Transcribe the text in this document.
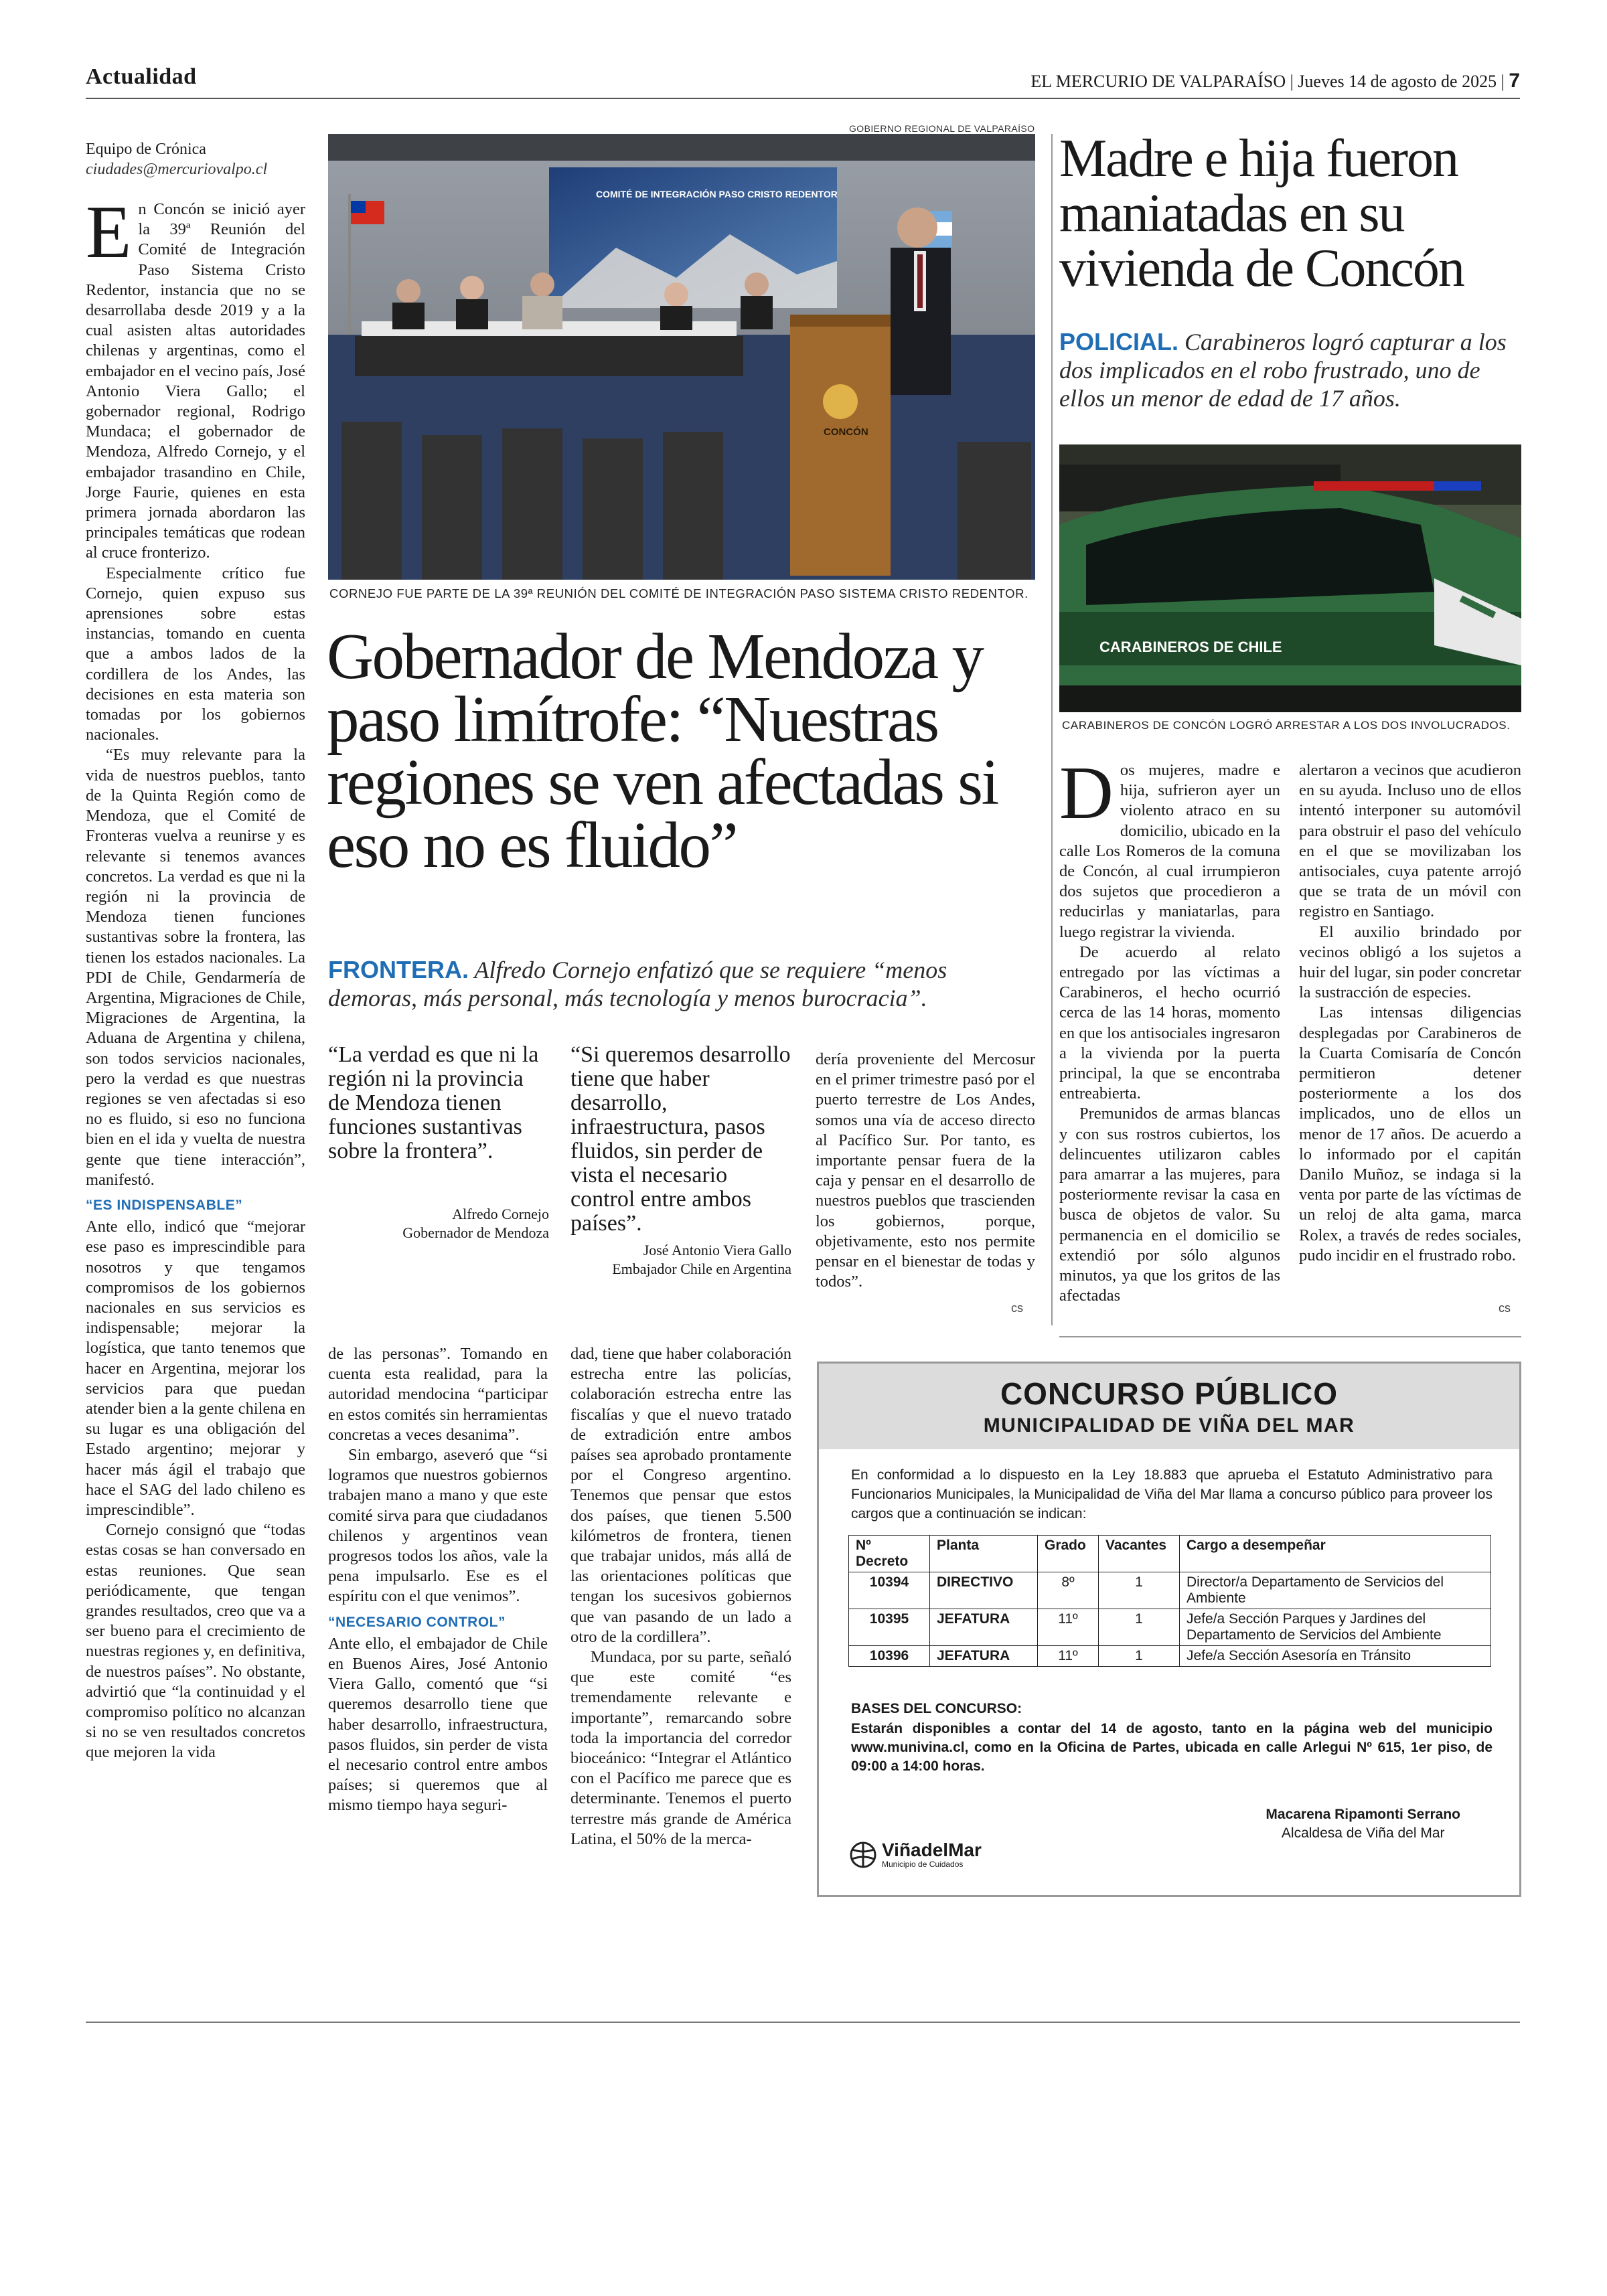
Actualidad	EL MERCURIO DE VALPARAÍSO | Jueves 14 de agosto de 2025 | 7
Equipo de Crónica
ciudades@mercuriovalpo.cl

En Concón se inició ayer la 39ª Reunión del Comité de Integración Paso Sistema Cristo Redentor, instancia que no se desarrollaba desde 2019 y a la cual asisten altas autoridades chilenas y argentinas, como el embajador en el vecino país, José Antonio Viera Gallo; el gobernador regional, Rodrigo Mundaca; el gobernador de Mendoza, Alfredo Cornejo, y el embajador trasandino en Chile, Jorge Faurie, quienes en esta primera jornada abordaron las principales temáticas que rodean al cruce fronterizo.

Especialmente crítico fue Cornejo, quien expuso sus aprensiones sobre estas instancias, tomando en cuenta que a ambos lados de la cordillera de los Andes, las decisiones en esta materia son tomadas por los gobiernos nacionales.

“Es muy relevante para la vida de nuestros pueblos, tanto de la Quinta Región como de Mendoza, que el Comité de Fronteras vuelva a reunirse y es relevante si tenemos avances concretos. La verdad es que ni la región ni la provincia de Mendoza tienen funciones sustantivas sobre la frontera, las tienen los estados nacionales. La PDI de Chile, Gendarmería de Argentina, Migraciones de Chile, Migraciones de Argentina, la Aduana de Argentina y chilena, son todos servicios nacionales, pero la verdad es que nuestras regiones se ven afectadas si eso no es fluido, si eso no funciona bien en el ida y vuelta de nuestra gente que tiene interacción”, manifestó.

“ES INDISPENSABLE”

Ante ello, indicó que “mejorar ese paso es imprescindible para nosotros y que tengamos compromisos de los gobiernos nacionales en sus servicios es indispensable; mejorar la logística, que tanto tenemos que hacer en Argentina, mejorar los servicios para que puedan atender bien a la gente chilena en su lugar es una obligación del Estado argentino; mejorar y hacer más ágil el trabajo que hace el SAG del lado chileno es imprescindible”.

Cornejo consignó que “todas estas cosas se han conversado en estas reuniones. Que sean periódicamente, que tengan grandes resultados, creo que va a ser bueno para el crecimiento de nuestras regiones y, en definitiva, de nuestros países”. No obstante, advirtió que “la continuidad y el compromiso político no alcanzan si no se ven resultados concretos que mejoren la vida

GOBIERNO REGIONAL DE VALPARAÍSO
COMITÉ DE INTEGRACIÓN PASO CRISTO REDENTOR
CONCÓN
CORNEJO FUE PARTE DE LA 39ª REUNIÓN DEL COMITÉ DE INTEGRACIÓN PASO SISTEMA CRISTO REDENTOR.
Gobernador de Mendoza y paso limítrofe: “Nuestras regiones se ven afectadas si eso no es fluido”
FRONTERA. Alfredo Cornejo enfatizó que se requiere “menos demoras, más personal, más tecnología y menos burocracia”.
“La verdad es que ni la región ni la provincia de Mendoza tienen funciones sustantivas sobre la frontera”.
Alfredo Cornejo
Gobernador de Mendoza
“Si queremos desarrollo tiene que haber desarrollo, infraestructura, pasos fluidos, sin perder de vista el necesario control entre ambos países”.
José Antonio Viera Gallo
Embajador Chile en Argentina

dería proveniente del Mercosur en el primer trimestre pasó por el puerto terrestre de Los Andes, somos una vía de acceso directo al Pacífico Sur. Por tanto, es importante pensar fuera de la caja y pensar en el desarrollo de nuestros pueblos que trascienden los gobiernos, porque, objetivamente, esto nos permite pensar en el bienestar de todas y todos”.

cs

de las personas”. Tomando en cuenta esta realidad, para la autoridad mendocina “participar en estos comités sin herramientas concretas a veces desanima”.

Sin embargo, aseveró que “si logramos que nuestros gobiernos trabajen mano a mano y que este comité sirva para que ciudadanos chilenos y argentinos vean progresos todos los años, vale la pena impulsarlo. Ese es el espíritu con el que venimos”.

“NECESARIO CONTROL”

Ante ello, el embajador de Chile en Buenos Aires, José Antonio Viera Gallo, comentó que “si queremos desarrollo tiene que haber desarrollo, infraestructura, pasos fluidos, sin perder de vista el necesario control entre ambos países; si queremos que al mismo tiempo haya seguri-

dad, tiene que haber colaboración estrecha entre las policías, colaboración estrecha entre las fiscalías y que el nuevo tratado de extradición entre ambos países sea aprobado prontamente por el Congreso argentino. Tenemos que pensar que estos dos países, que tienen 5.500 kilómetros de frontera, tienen que trabajar unidos, más allá de las orientaciones políticas que tengan los sucesivos gobiernos que van pasando de un lado a otro de la cordillera”.

Mundaca, por su parte, señaló que este comité “es tremendamente relevante e importante”, remarcando sobre toda la importancia del corredor bioceánico: “Integrar el Atlántico con el Pacífico me parece que es determinante. Tenemos el puerto terrestre más grande de América Latina, el 50% de la merca-

Madre e hija fueron maniatadas en su vivienda de Concón
POLICIAL. Carabineros logró capturar a los dos implicados en el robo frustrado, uno de ellos un menor de edad de 17 años.
CARABINEROS DE CHILE
CARABINEROS DE CONCÓN LOGRÓ ARRESTAR A LOS DOS INVOLUCRADOS.

Dos mujeres, madre e hija, sufrieron ayer un violento atraco en su domicilio, ubicado en la calle Los Romeros de la comuna de Concón, al cual irrumpieron dos sujetos que procedieron a reducirlas y maniatarlas, para luego registrar la vivienda.

De acuerdo al relato entregado por las víctimas a Carabineros, el hecho ocurrió cerca de las 14 horas, momento en que los antisociales ingresaron a la vivienda por la puerta principal, la que se encontraba entreabierta.

Premunidos de armas blancas y con sus rostros cubiertos, los delincuentes utilizaron cables para amarrar a las mujeres, para posteriormente revisar la casa en busca de objetos de valor. Su permanencia en el domicilio se extendió por sólo algunos minutos, ya que los gritos de las afectadas

alertaron a vecinos que acudieron en su ayuda. Incluso uno de ellos intentó interponer su automóvil para obstruir el paso del vehículo en el que se movilizaban los antisociales, cuya patente arrojó que se trata de un móvil con registro en Santiago.

El auxilio brindado por vecinos obligó a los sujetos a huir del lugar, sin poder concretar la sustracción de especies.

Las intensas diligencias desplegadas por Carabineros de la Cuarta Comisaría de Concón permitieron detener posteriormente a los dos implicados, uno de ellos un menor de 17 años. De acuerdo a lo informado por el capitán Danilo Muñoz, se indaga si la venta por parte de las víctimas de un reloj de alta gama, marca Rolex, a través de redes sociales, pudo incidir en el frustrado robo.

cs
CONCURSO PÚBLICO
MUNICIPALIDAD DE VIÑA DEL MAR
En conformidad a lo dispuesto en la Ley 18.883 que aprueba el Estatuto Administrativo para Funcionarios Municipales, la Municipalidad de Viña del Mar llama a concurso público para proveer los cargos que a continuación se indican:
Nº Decreto	Planta	Grado	Vacantes	Cargo a desempeñar
10394	DIRECTIVO	8º	1	Director/a Departamento de Servicios del Ambiente
10395	JEFATURA	11º	1	Jefe/a Sección Parques y Jardines del Departamento de Servicios del Ambiente
10396	JEFATURA	11º	1	Jefe/a Sección Asesoría en Tránsito
BASES DEL CONCURSO:
Estarán disponibles a contar del 14 de agosto, tanto en la página web del municipio www.munivina.cl, como en la Oficina de Partes, ubicada en calle Arlegui Nº 615, 1er piso, de 09:00 a 14:00 horas.
Macarena Ripamonti Serrano
Alcaldesa de Viña del Mar
ViñadelMar
Municipio de Cuidados
